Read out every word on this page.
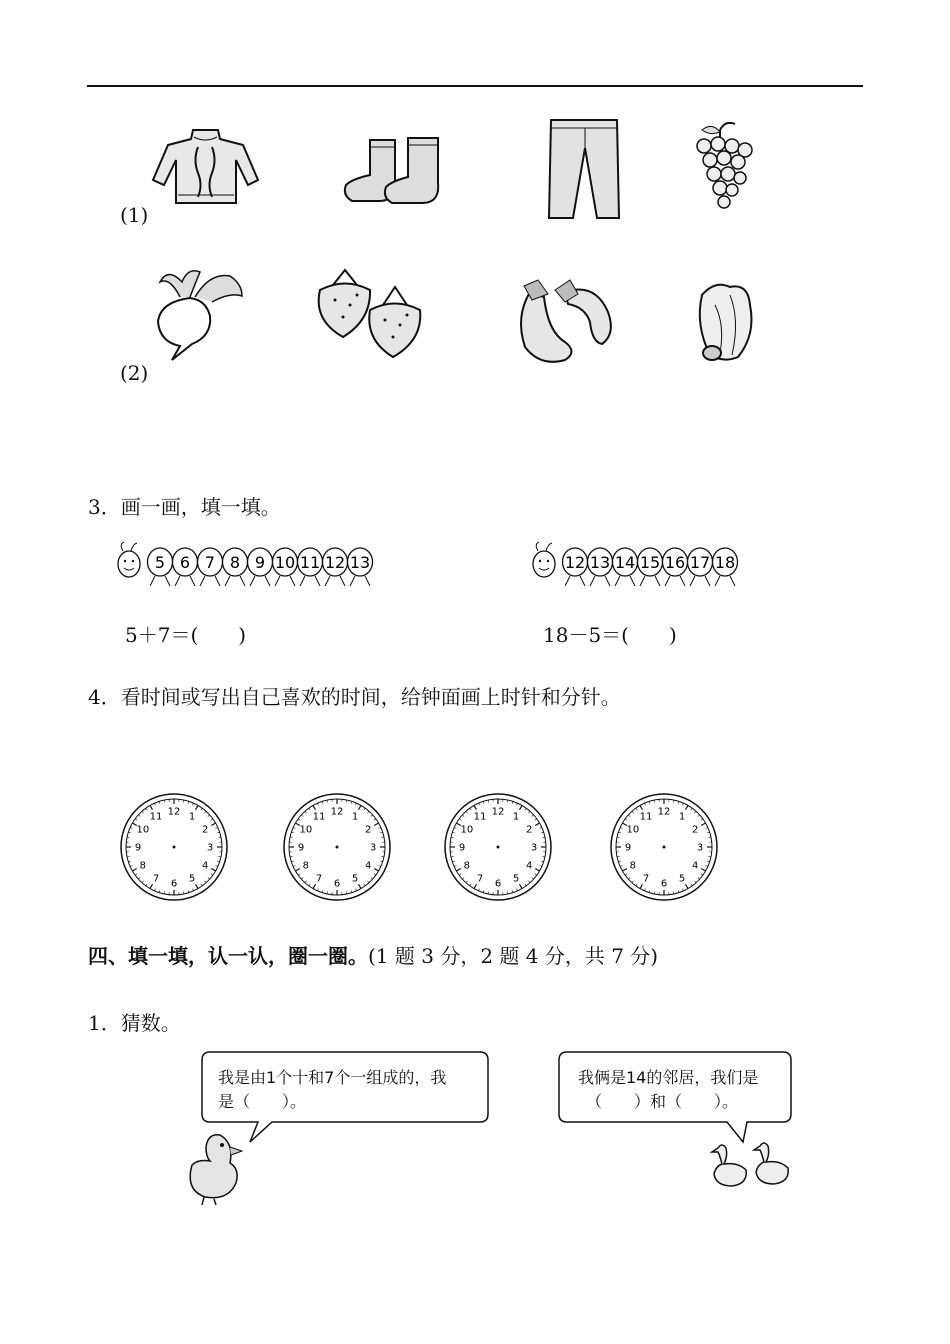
(1)
(2)
3．画一画，填一填。
5 6 7 8 9 10 11 12 13	12 13 14 15 16 17 18
5＋7＝(　　)	18－5＝(　　)
4．看时间或写出自己喜欢的时间，给钟面画上时针和分针。
12 1
2
3
4
5
6
7
8
9
10
11	12 1
2
3
4
5
6
7
8
9
10
11	12 1
2
3
4
5
6
7
8
9
10
11	12 1
2
3
4
5
6
7
8
9
10
11
四、填一填，认一认，圈一圈。(1 题 3 分，2 题 4 分，共 7 分)
1．猜数。
我是由1个十和7个一组成的，我
是（　　）。
我俩是14的邻居，我们是
（　　）和（　　）。
